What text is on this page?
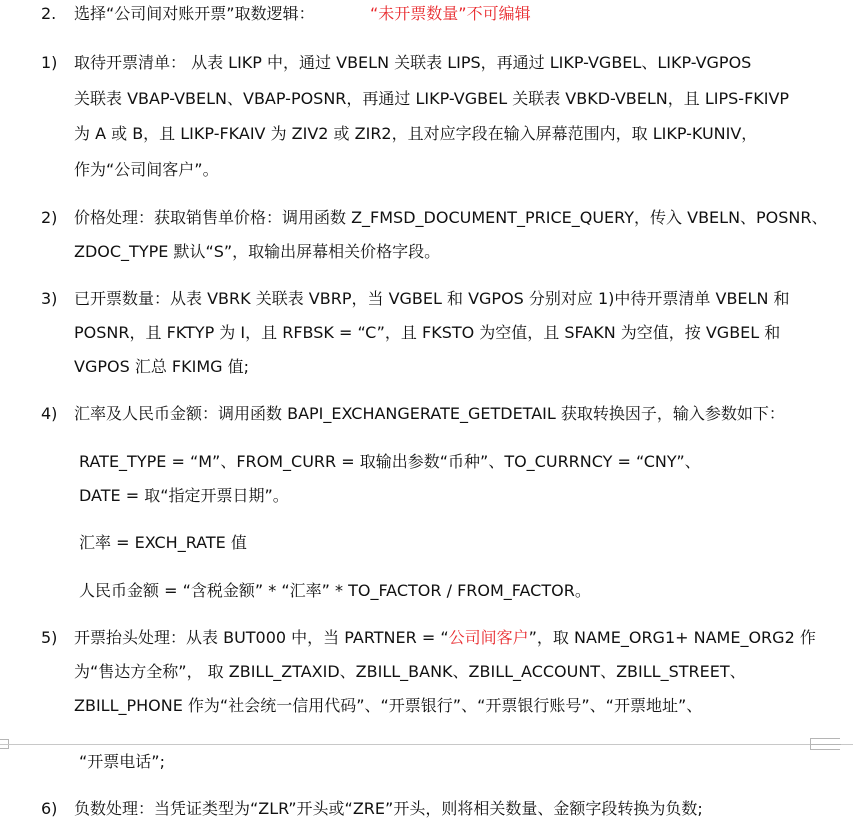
2. 选择“公司间对账开票”取数逻辑：	“未开票数量”不可编辑
1) 取待开票清单： 从表 LIKP 中，通过 VBELN 关联表 LIPS，再通过 LIKP-VGBEL、LIKP-VGPOS
关联表 VBAP-VBELN、VBAP-POSNR，再通过 LIKP-VGBEL 关联表 VBKD-VBELN，且 LIPS-FKIVP
为 A 或 B，且 LIKP-FKAIV 为 ZIV2 或 ZIR2，且对应字段在输入屏幕范围内，取 LIKP-KUNIV，
作为“公司间客户”。
2) 价格处理：获取销售单价格：调用函数 Z_FMSD_DOCUMENT_PRICE_QUERY，传入 VBELN、POSNR、
ZDOC_TYPE 默认“S”，取输出屏幕相关价格字段。
3) 已开票数量：从表 VBRK 关联表 VBRP，当 VGBEL 和 VGPOS 分别对应 1)中待开票清单 VBELN 和
POSNR，且 FKTYP 为 I，且 RFBSK = “C”，且 FKSTO 为空值，且 SFAKN 为空值，按 VGBEL 和
VGPOS 汇总 FKIMG 值;
4) 汇率及人民币金额：调用函数 BAPI_EXCHANGERATE_GETDETAIL 获取转换因子，输入参数如下：
RATE_TYPE = “M”、FROM_CURR = 取输出参数“币种”、TO_CURRNCY = “CNY”、
DATE = 取“指定开票日期”。
汇率 = EXCH_RATE 值
人民币金额 = “含税金额” * “汇率” * TO_FACTOR / FROM_FACTOR。
5) 开票抬头处理：从表 BUT000 中，当 PARTNER = “公司间客户”，取 NAME_ORG1+ NAME_ORG2 作
为“售达方全称”， 取 ZBILL_ZTAXID、ZBILL_BANK、ZBILL_ACCOUNT、ZBILL_STREET、
ZBILL_PHONE 作为“社会统一信用代码”、“开票银行”、“开票银行账号”、“开票地址”、
“开票电话”;
6) 负数处理：当凭证类型为“ZLR”开头或“ZRE”开头，则将相关数量、金额字段转换为负数;
